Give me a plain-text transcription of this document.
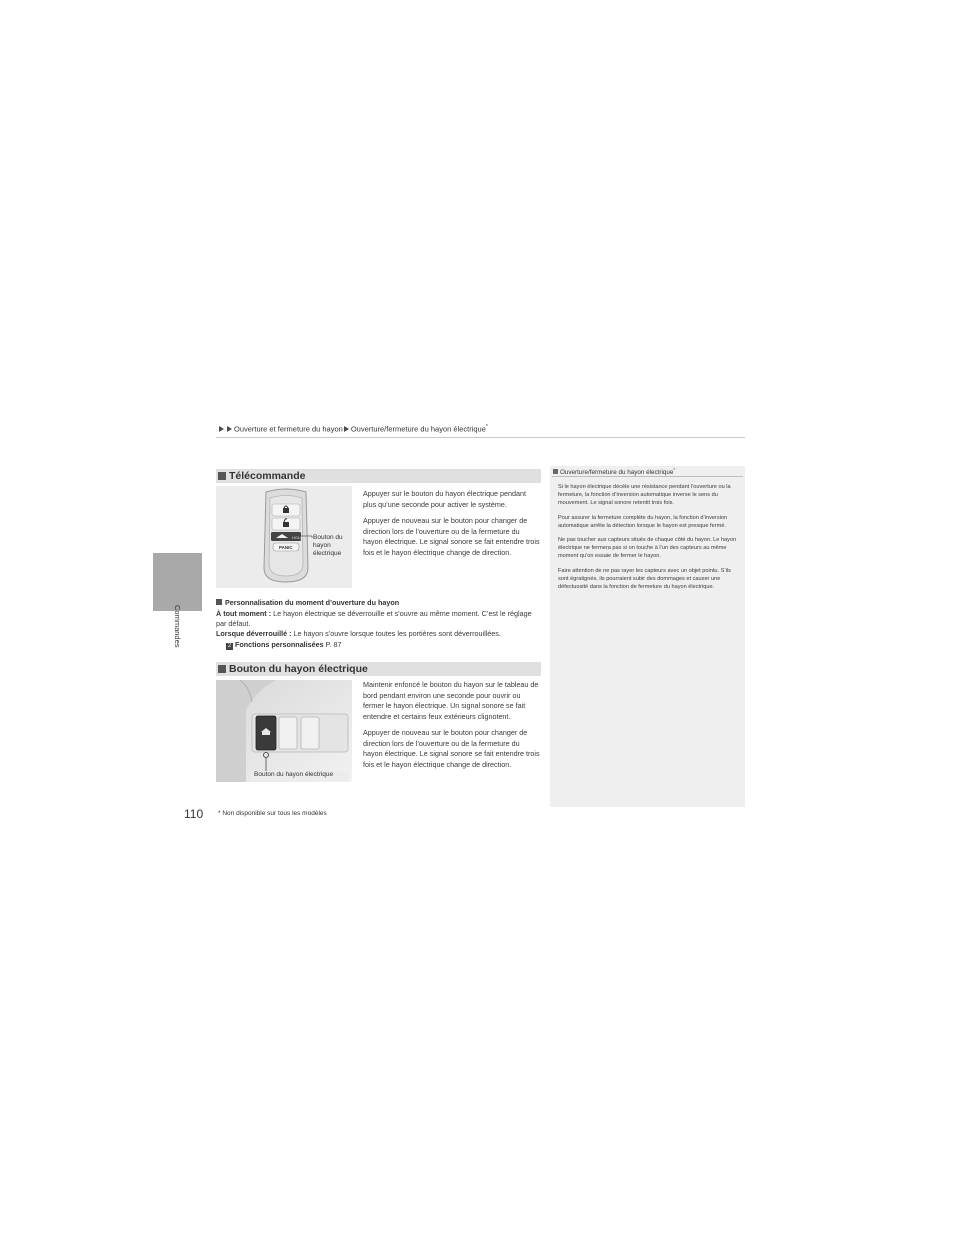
Ouverture et fermeture du hayon Ouverture/fermeture du hayon électrique*
Commandes
Télécommande
HOLD
PANIC
Bouton du hayon électrique

Appuyer sur le bouton du hayon électrique pendant plus qu’une seconde pour activer le système.

Appuyer de nouveau sur le bouton pour changer de direction lors de l’ouverture ou de la fermeture du hayon électrique. Le signal sonore se fait entendre trois fois et le hayon électrique change de direction.

Personnalisation du moment d’ouverture du hayon
À tout moment : Le hayon électrique se déverrouille et s’ouvre au même moment. C’est le réglage par défaut.
Lorsque déverrouillé : Le hayon s’ouvre lorsque toutes les portières sont déverrouillées.
2 Fonctions personnalisées P. 87
Bouton du hayon électrique
Bouton du hayon électrique

Maintenir enfoncé le bouton du hayon sur le tableau de bord pendant environ une seconde pour ouvrir ou fermer le hayon électrique. Un signal sonore se fait entendre et certains feux extérieurs clignotent.

Appuyer de nouveau sur le bouton pour changer de direction lors de l’ouverture ou de la fermeture du hayon électrique. Le signal sonore se fait entendre trois fois et le hayon électrique change de direction.

Ouverture/fermeture du hayon électrique*

Si le hayon électrique décèle une résistance pendant l’ouverture ou la fermeture, la fonction d’inversion automatique inverse le sens du mouvement. Le signal sonore retentit trois fois.

Pour assurer la fermeture complète du hayon, la fonction d’inversion automatique arrête la détection lorsque le hayon est presque fermé.

Ne pas toucher aux capteurs situés de chaque côté du hayon. Le hayon électrique ne fermera pas si on touche à l’un des capteurs au même moment qu’on essaie de fermer le hayon.

Faire attention de ne pas rayer les capteurs avec un objet pointu. S’ils sont égratignés, ils pourraient subir des dommages et causer une défectuosité dans la fonction de fermeture du hayon électrique.

110 * Non disponible sur tous les modèles
